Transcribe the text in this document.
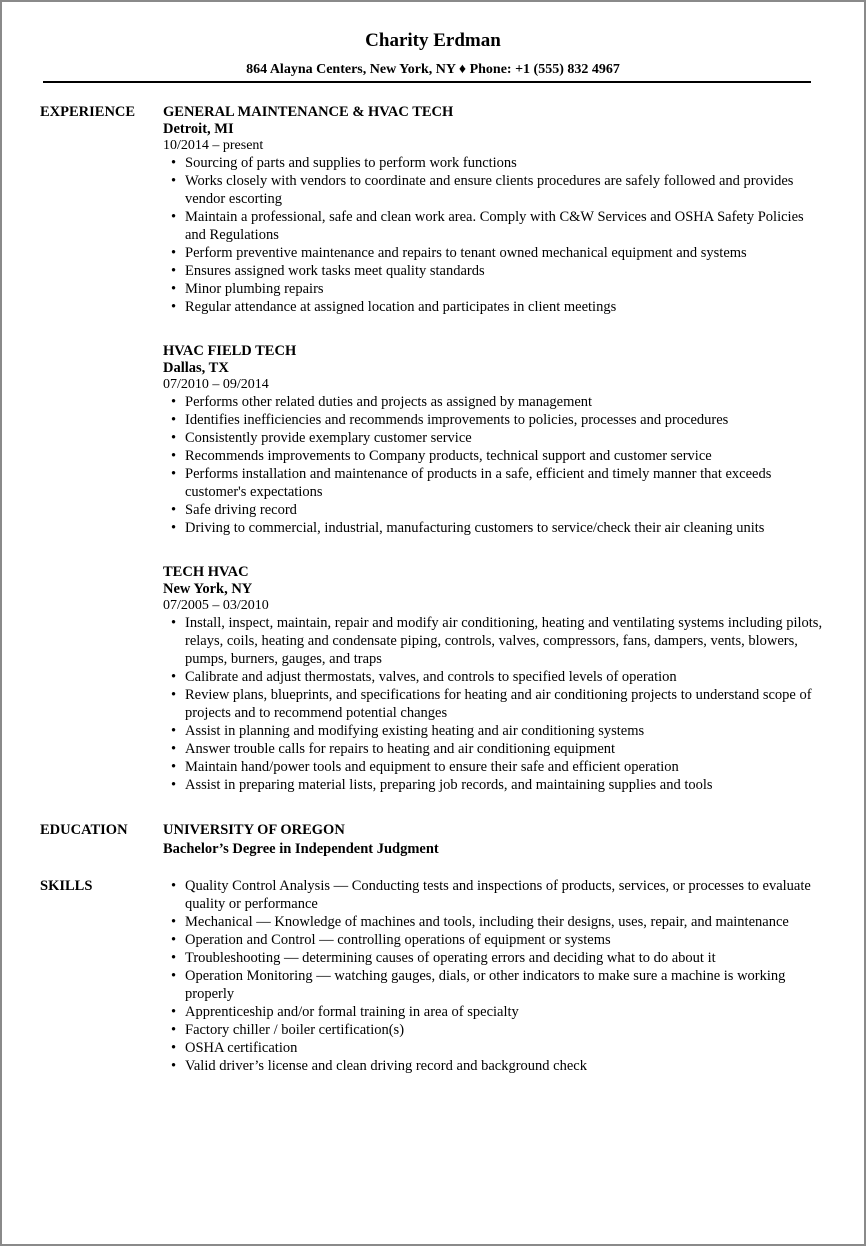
Charity Erdman
864 Alayna Centers, New York, NY ♦ Phone: +1 (555) 832 4967
EXPERIENCE GENERAL MAINTENANCE & HVAC TECH
Detroit, MI
10/2014 – present
• Sourcing of parts and supplies to perform work functions
• Works closely with vendors to coordinate and ensure clients procedures are safely followed and provides vendor escorting
• Maintain a professional, safe and clean work area. Comply with C&W Services and OSHA Safety Policies and Regulations
• Perform preventive maintenance and repairs to tenant owned mechanical equipment and systems
• Ensures assigned work tasks meet quality standards
• Minor plumbing repairs
• Regular attendance at assigned location and participates in client meetings
HVAC FIELD TECH
Dallas, TX
07/2010 – 09/2014
• Performs other related duties and projects as assigned by management
• Identifies inefficiencies and recommends improvements to policies, processes and procedures
• Consistently provide exemplary customer service
• Recommends improvements to Company products, technical support and customer service
• Performs installation and maintenance of products in a safe, efficient and timely manner that exceeds customer's expectations
• Safe driving record
• Driving to commercial, industrial, manufacturing customers to service/check their air cleaning units
TECH HVAC
New York, NY
07/2005 – 03/2010
• Install, inspect, maintain, repair and modify air conditioning, heating and ventilating systems including pilots, relays, coils, heating and condensate piping, controls, valves, compressors, fans, dampers, vents, blowers, pumps, burners, gauges, and traps
• Calibrate and adjust thermostats, valves, and controls to specified levels of operation
• Review plans, blueprints, and specifications for heating and air conditioning projects to understand scope of projects and to recommend potential changes
• Assist in planning and modifying existing heating and air conditioning systems
• Answer trouble calls for repairs to heating and air conditioning equipment
• Maintain hand/power tools and equipment to ensure their safe and efficient operation
• Assist in preparing material lists, preparing job records, and maintaining supplies and tools
EDUCATION UNIVERSITY OF OREGON
Bachelor’s Degree in Independent Judgment
SKILLS
•	Quality Control Analysis — Conducting tests and inspections of products, services, or processes to evaluate quality or performance
• Mechanical — Knowledge of machines and tools, including their designs, uses, repair, and maintenance
• Operation and Control — controlling operations of equipment or systems
• Troubleshooting — determining causes of operating errors and deciding what to do about it
• Operation Monitoring — watching gauges, dials, or other indicators to make sure a machine is working properly
• Apprenticeship and/or formal training in area of specialty
• Factory chiller / boiler certification(s)
• OSHA certification
• Valid driver’s license and clean driving record and background check
